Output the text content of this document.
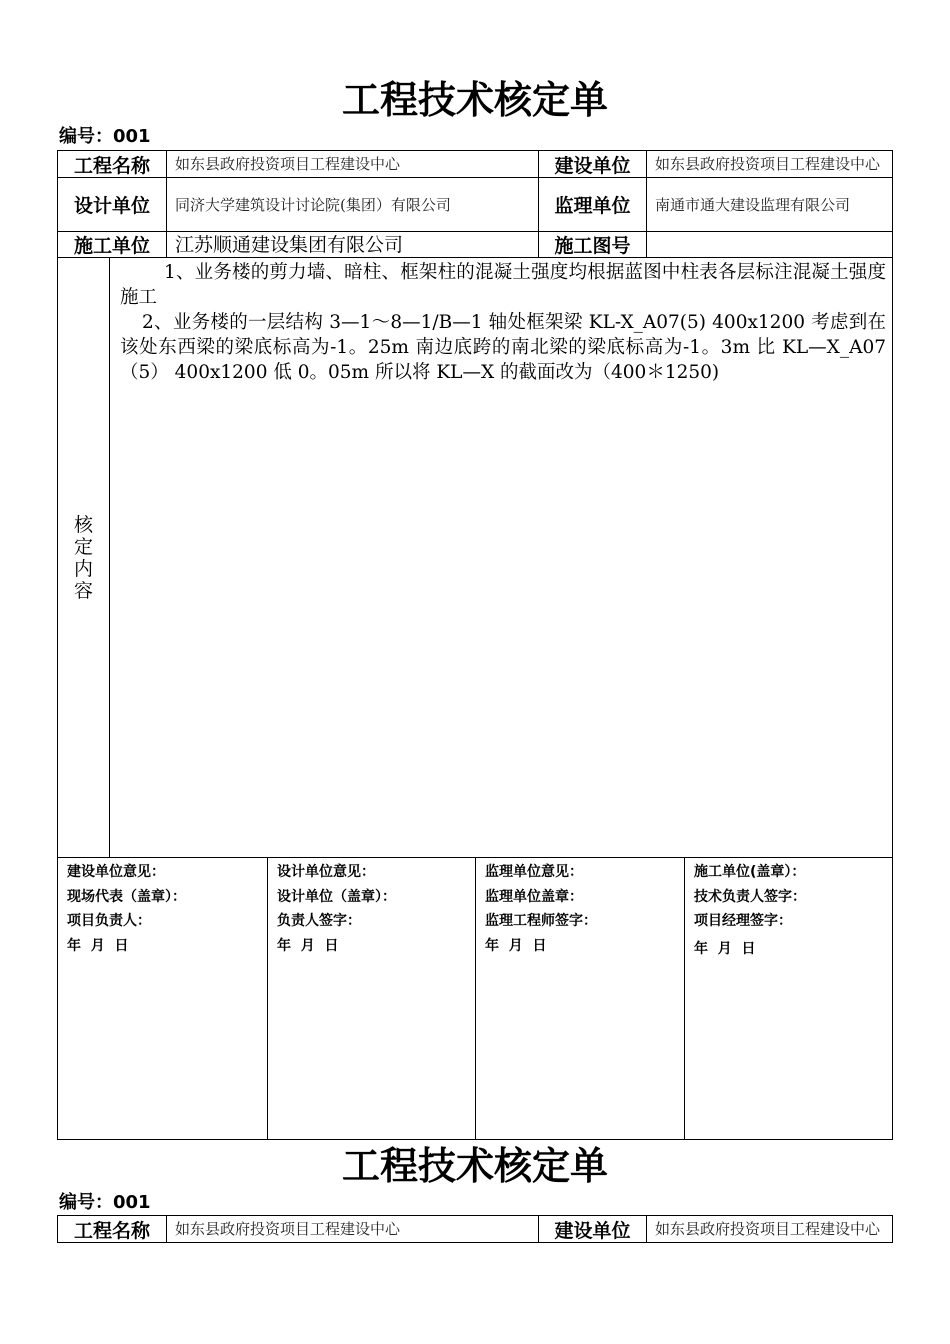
工程技术核定单
编号：001
工程名称	如东县政府投资项目工程建设中心	建设单位	如东县政府投资项目工程建设中心
设计单位	同济大学建筑设计讨论院(集团）有限公司	监理单位	南通市通大建设监理有限公司
施工单位	江苏顺通建设集团有限公司	施工图号
核定内容

1、业务楼的剪力墙、暗柱、框架柱的混凝土强度均根据蓝图中柱表各层标注混凝土强度施工

2、业务楼的一层结构 3—1～8—1/B—1 轴处框架梁 KL-X_A07(5) 400x1200 考虑到在该处东西梁的梁底标高为-1。25m 南边底跨的南北梁的梁底标高为-1。3m 比 KL—X_A07（5） 400x1200 低 0。05m 所以将 KL—X 的截面改为（400＊1250)

建设单位意见：
现场代表（盖章）：
项目负责人：
年  月  日
设计单位意见：
设计单位（盖章）：
负责人签字：
年  月  日
监理单位意见：
监理单位盖章：
监理工程师签字：
年  月  日
施工单位(盖章）：
技术负责人签字：
项目经理签字：
年  月  日
工程技术核定单
编号：001
工程名称	如东县政府投资项目工程建设中心	建设单位	如东县政府投资项目工程建设中心
